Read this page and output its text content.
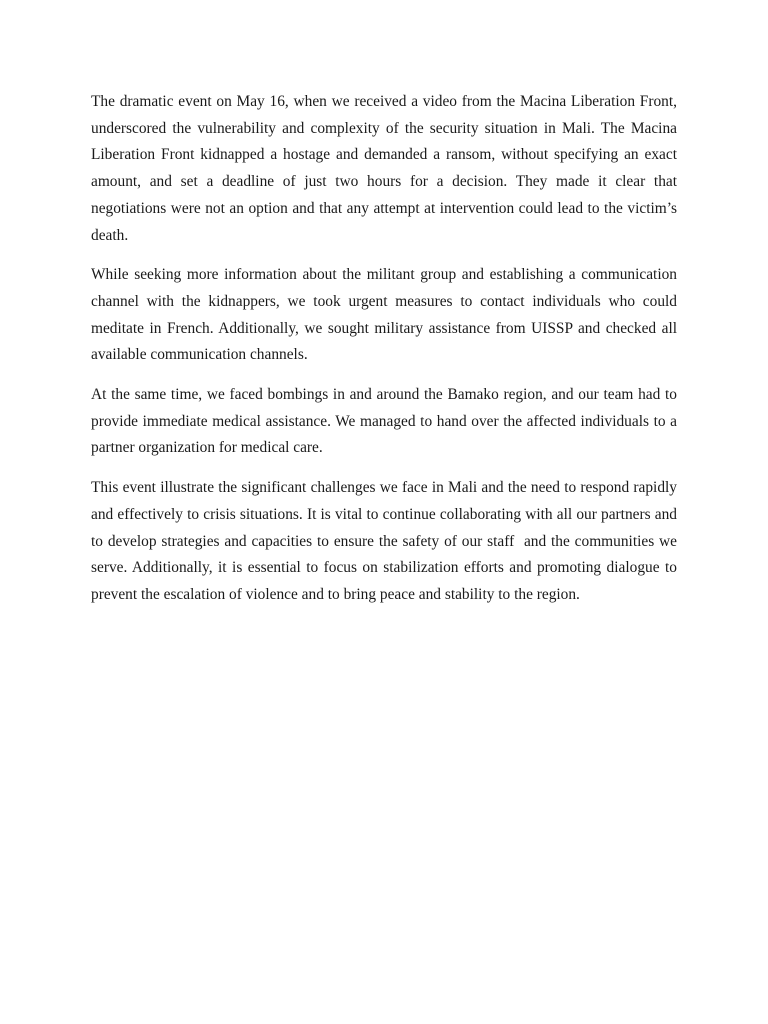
The dramatic event on May 16, when we received a video from the Macina Liberation Front, underscored the vulnerability and complexity of the security situation in Mali. The Macina Liberation Front kidnapped a hostage and demanded a ransom, without specifying an exact amount, and set a deadline of just two hours for a decision. They made it clear that negotiations were not an option and that any attempt at intervention could lead to the victim’s death.

While seeking more information about the militant group and establishing a communication channel with the kidnappers, we took urgent measures to contact individuals who could meditate in French. Additionally, we sought military assistance from UISSP and checked all available communication channels.

At the same time, we faced bombings in and around the Bamako region, and our team had to provide immediate medical assistance. We managed to hand over the affected individuals to a partner organization for medical care.

This event illustrate the significant challenges we face in Mali and the need to respond rapidly and effectively to crisis situations. It is vital to continue collaborating with all our partners and to develop strategies and capacities to ensure the safety of our staff  and the communities we serve. Additionally, it is essential to focus on stabilization efforts and promoting dialogue to prevent the escalation of violence and to bring peace and stability to the region.
